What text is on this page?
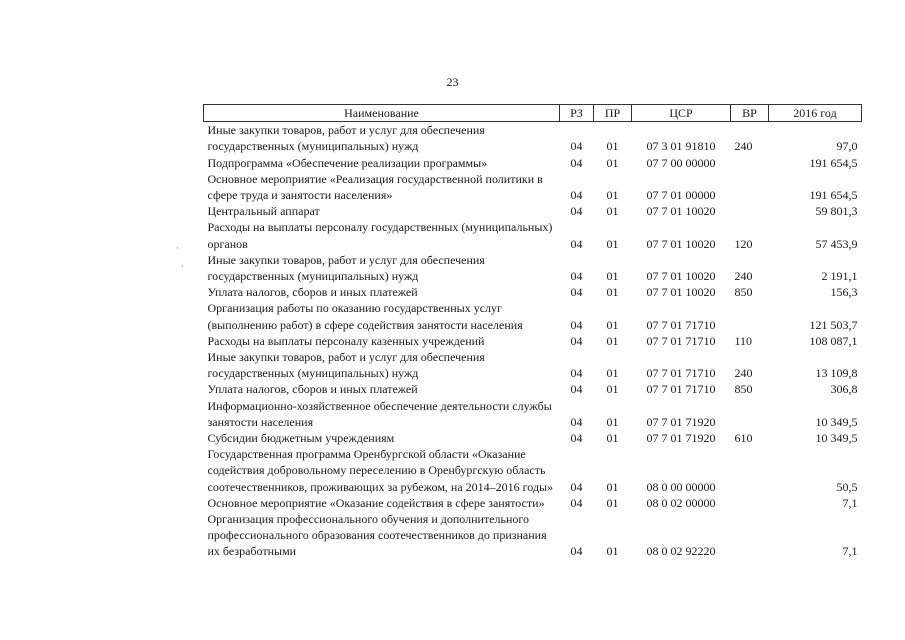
23
·
·
Наименование	РЗ	ПР	ЦСР	ВР	2016 год
Иные закупки товаров, работ и услуг для обеспечения государственных (муниципальных) нужд	04	01	07 3 01 91810	240	97,0
Подпрограмма «Обеспечение реализации программы»	04	01	07 7 00 00000		191 654,5
Основное мероприятие «Реализация государственной политики в сфере труда и занятости населения»	04	01	07 7 01 00000		191 654,5
Центральный аппарат	04	01	07 7 01 10020		59 801,3
Расходы на выплаты персоналу государственных (муниципальных) органов	04	01	07 7 01 10020	120	57 453,9
Иные закупки товаров, работ и услуг для обеспечения государственных (муниципальных) нужд	04	01	07 7 01 10020	240	2 191,1
Уплата налогов, сборов и иных платежей	04	01	07 7 01 10020	850	156,3
Организация работы по оказанию государственных услуг (выполнению работ) в сфере содействия занятости населения	04	01	07 7 01 71710		121 503,7
Расходы на выплаты персоналу казенных учреждений	04	01	07 7 01 71710	110	108 087,1
Иные закупки товаров, работ и услуг для обеспечения государственных (муниципальных) нужд	04	01	07 7 01 71710	240	13 109,8
Уплата налогов, сборов и иных платежей	04	01	07 7 01 71710	850	306,8
Информационно-хозяйственное обеспечение деятельности службы занятости населения	04	01	07 7 01 71920		10 349,5
Субсидии бюджетным учреждениям	04	01	07 7 01 71920	610	10 349,5
Государственная программа Оренбургской области «Оказание содействия добровольному переселению в Оренбургскую область соотечественников, проживающих за рубежом, на 2014–2016 годы»	04	01	08 0 00 00000		50,5
Основное мероприятие «Оказание содействия в сфере занятости»	04	01	08 0 02 00000		7,1
Организация профессионального обучения и дополнительного профессионального образования соотечественников до признания их безработными	04	01	08 0 02 92220		7,1
